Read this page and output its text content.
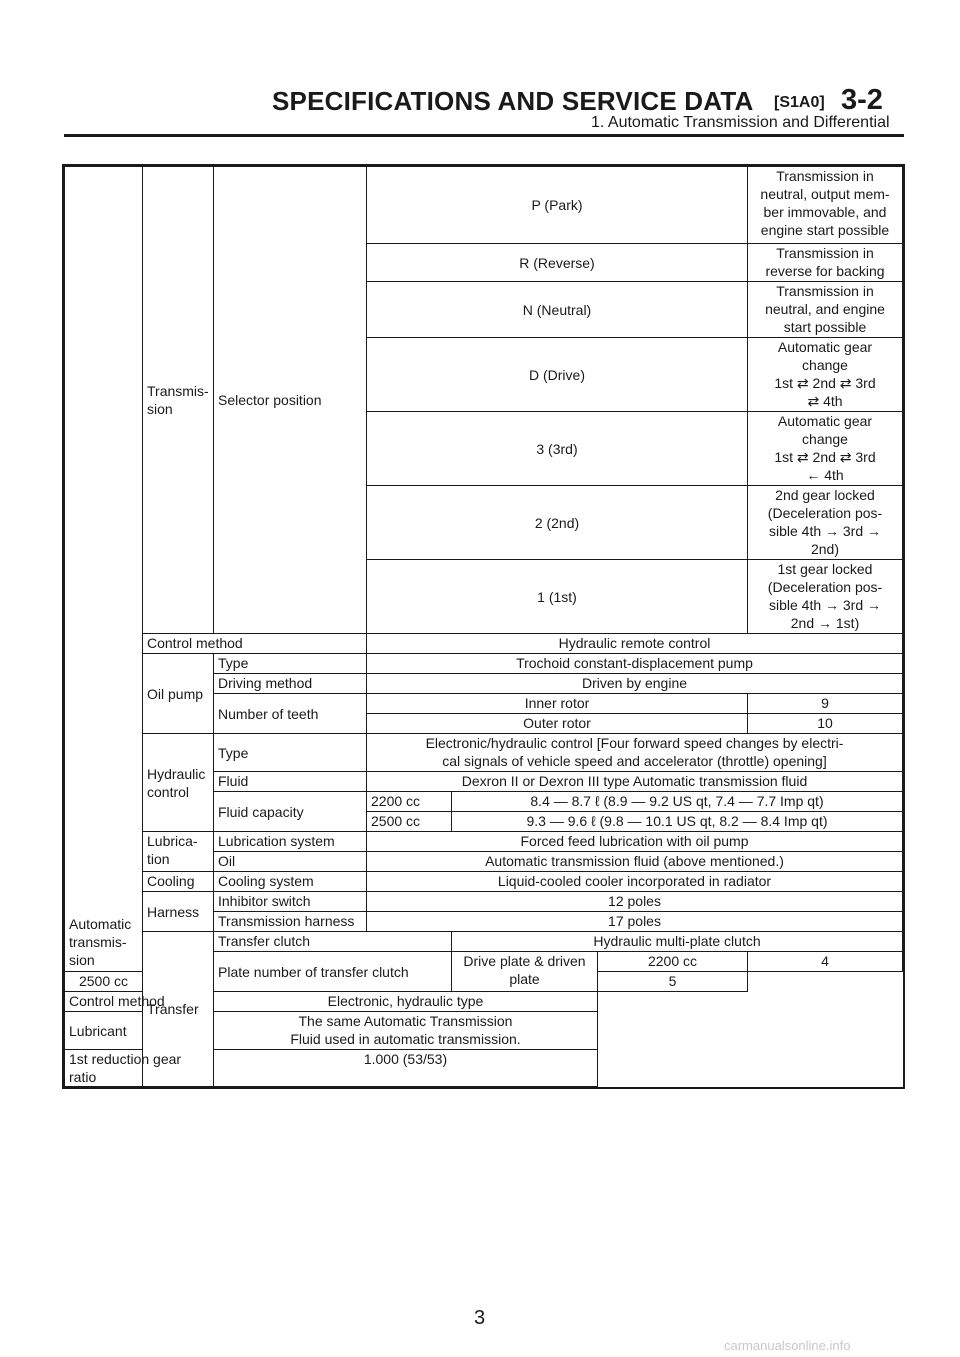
SPECIFICATIONS AND SERVICE DATA [S1A0] 3-2
1. Automatic Transmission and Differential
Automatic transmis- sion	Transmis- sion	Selector position	P (Park)			Transmission in
neutral, output mem-
ber immovable, and
engine start possible
			R (Reverse)			Transmission in
reverse for backing
			N (Neutral)			Transmission in
neutral, and engine
start possible
			D (Drive)			Automatic gear
change
1st ⇄ 2nd ⇄ 3rd
⇄ 4th
			3 (3rd)			Automatic gear
change
1st ⇄ 2nd ⇄ 3rd
← 4th
			2 (2nd)			2nd gear locked
(Deceleration pos-
sible 4th → 3rd →
2nd)
			1 (1st)			1st gear locked
(Deceleration pos-
sible 4th → 3rd →
2nd → 1st)
	Control method		Hydraulic remote control			
	Oil pump	Type	Trochoid constant-displacement pump			
		Driving method	Driven by engine			
		Number of teeth	Inner rotor			9
			Outer rotor			10
	Hydraulic control	Type	Electronic/hydraulic control [Four forward speed changes by electri-
cal signals of vehicle speed and accelerator (throttle) opening]			
		Fluid	Dexron II or Dexron III type Automatic transmission fluid			
		Fluid capacity	2200 cc	8.4 — 8.7 ℓ (8.9 — 9.2 US qt, 7.4 — 7.7 Imp qt)		
			2500 cc	9.3 — 9.6 ℓ (9.8 — 10.1 US qt, 8.2 — 8.4 Imp qt)		
	Lubrica- tion	Lubrication system	Forced feed lubrication with oil pump			
		Oil	Automatic transmission fluid (above mentioned.)			
	Cooling	Cooling system	Liquid-cooled cooler incorporated in radiator			
	Harness	Inhibitor switch	12 poles			
		Transmission harness	17 poles			
	Transfer	Transfer clutch		Hydraulic multi-plate clutch		
		Plate number of transfer clutch		Drive plate & driven plate	2200 cc	4
2500 cc					5	
Control method		Electronic, hydraulic type				
Lubricant		The same Automatic Transmission
Fluid used in automatic transmission.				
1st reduction gear ratio		1.000 (53/53)				
3
carmanualsonline.info
